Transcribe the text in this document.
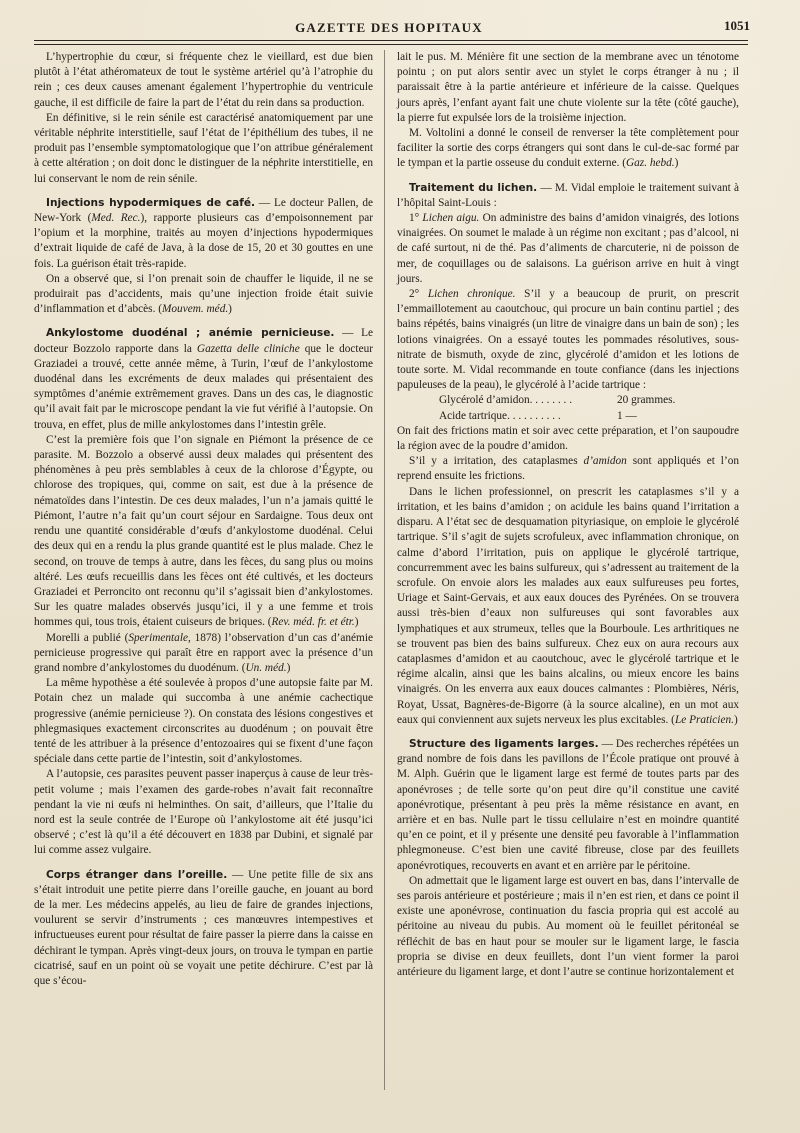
GAZETTE DES HOPITAUX	1051

L’hypertrophie du cœur, si fréquente chez le vieillard, est due bien plutôt à l’état athéromateux de tout le système artériel qu’à l’atrophie du rein ; ces deux causes amenant également l’hypertrophie du ventricule gauche, il est difficile de faire la part de l’état du rein dans sa production.

En définitive, si le rein sénile est caractérisé anatomiquement par une véritable néphrite interstitielle, sauf l’état de l’épithélium des tubes, il ne produit pas l’ensemble symptomatologique que l’on attribue généralement à cette altération ; on doit donc le distinguer de la néphrite interstitielle, en lui conservant le nom de rein sénile.

Injections hypodermiques de café. — Le docteur Pallen, de New-York (Med. Rec.), rapporte plusieurs cas d’empoisonnement par l’opium et la morphine, traités au moyen d’injections hypodermiques d’extrait liquide de café de Java, à la dose de 15, 20 et 30 gouttes en une fois. La guérison était très-rapide.

On a observé que, si l’on prenait soin de chauffer le liquide, il ne se produirait pas d’accidents, mais qu’une injection froide était suivie d’inflammation et d’abcès. (Mouvem. méd.)

Ankylostome duodénal ; anémie pernicieuse. — Le docteur Bozzolo rapporte dans la Gazetta delle cliniche que le docteur Graziadei a trouvé, cette année même, à Turin, l’œuf de l’ankylostome duodénal dans les excréments de deux malades qui présentaient des symptômes d’anémie extrêmement graves. Dans un des cas, le diagnostic qu’il avait fait par le microscope pendant la vie fut vérifié à l’autopsie. On trouva, en effet, plus de mille ankylostomes dans l’intestin grêle.

C’est la première fois que l’on signale en Piémont la présence de ce parasite. M. Bozzolo a observé aussi deux malades qui présentent des phénomènes à peu près semblables à ceux de la chlorose d’Égypte, ou chlorose des tropiques, qui, comme on sait, est due à la présence de nématoïdes dans l’intestin. De ces deux malades, l’un n’a jamais quitté le Piémont, l’autre n’a fait qu’un court séjour en Sardaigne. Tous deux ont rendu une quantité considérable d’œufs d’ankylostome duodénal. Celui des deux qui en a rendu la plus grande quantité est le plus malade. Chez le second, on trouve de temps à autre, dans les fèces, du sang plus ou moins altéré. Les œufs recueillis dans les fèces ont été cultivés, et les docteurs Graziadei et Perroncito ont reconnu qu’il s’agissait bien d’ankylostomes. Sur les quatre malades observés jusqu’ici, il y a une femme et trois hommes qui, tous trois, étaient cuiseurs de briques. (Rev. méd. fr. et étr.)

Morelli a publié (Sperimentale, 1878) l’observation d’un cas d’anémie pernicieuse progressive qui paraît être en rapport avec la présence d’un grand nombre d’ankylostomes du duodénum. (Un. méd.)

La même hypothèse a été soulevée à propos d’une autopsie faite par M. Potain chez un malade qui succomba à une anémie cachectique progressive (anémie pernicieuse ?). On constata des lésions congestives et phlegmasiques exactement circonscrites au duodénum ; on pouvait être tenté de les attribuer à la présence d’entozoaires qui se fixent d’une façon spéciale dans cette partie de l’intestin, soit d’ankylostomes.

A l’autopsie, ces parasites peuvent passer inaperçus à cause de leur très-petit volume ; mais l’examen des garde-robes n’avait fait reconnaître pendant la vie ni œufs ni helminthes. On sait, d’ailleurs, que l’Italie du nord est la seule contrée de l’Europe où l’ankylostome ait été jusqu’ici observé ; c’est là qu’il a été découvert en 1838 par Dubini, et signalé par lui comme assez vulgaire.

Corps étranger dans l’oreille. — Une petite fille de six ans s’était introduit une petite pierre dans l’oreille gauche, en jouant au bord de la mer. Les médecins appelés, au lieu de faire de grandes injections, voulurent se servir d’instruments ; ces manœuvres intempestives et infructueuses eurent pour résultat de faire passer la pierre dans la caisse en déchirant le tympan. Après vingt-deux jours, on trouva le tympan en partie cicatrisé, sauf en un point où se voyait une petite déchirure. C’est par là que s’écou-

lait le pus. M. Ménière fit une section de la membrane avec un ténotome pointu ; on put alors sentir avec un stylet le corps étranger à nu ; il paraissait être à la partie antérieure et inférieure de la caisse. Quelques jours après, l’enfant ayant fait une chute violente sur la tête (côté gauche), la pierre fut expulsée lors de la troisième injection.

M. Voltolini a donné le conseil de renverser la tête complètement pour faciliter la sortie des corps étrangers qui sont dans le cul-de-sac formé par le tympan et la partie osseuse du conduit externe. (Gaz. hebd.)

Traitement du lichen. — M. Vidal emploie le traitement suivant à l’hôpital Saint-Louis :

1° Lichen aigu. On administre des bains d’amidon vinaigrés, des lotions vinaigrées. On soumet le malade à un régime non excitant ; pas d’alcool, ni de café surtout, ni de thé. Pas d’aliments de charcuterie, ni de poisson de mer, de coquillages ou de salaisons. La guérison arrive en huit à vingt jours.

2° Lichen chronique. S’il y a beaucoup de prurit, on prescrit l’emmaillotement au caoutchouc, qui procure un bain continu partiel ; des bains répétés, bains vinaigrés (un litre de vinaigre dans un bain de son) ; les lotions vinaigrées. On a essayé toutes les pommades résolutives, sous-nitrate de bismuth, oxyde de zinc, glycérolé d’amidon et les lotions de toute sorte. M. Vidal recommande en toute confiance (dans les injections papuleuses de la peau), le glycérolé à l’acide tartrique :

Glycérolé d’amidon. . . . . . . .	20 grammes.
Acide tartrique. . . . . . . . . .	1 —

On fait des frictions matin et soir avec cette préparation, et l’on saupoudre la région avec de la poudre d’amidon.

S’il y a irritation, des cataplasmes d’amidon sont appliqués et l’on reprend ensuite les frictions.

Dans le lichen professionnel, on prescrit les cataplasmes s’il y a irritation, et les bains d’amidon ; on acidule les bains quand l’irritation a disparu. A l’état sec de desquamation pityriasique, on emploie le glycérolé tartrique. S’il s’agit de sujets scrofuleux, avec inflammation chronique, on calme d’abord l’irritation, puis on applique le glycérolé tartrique, concurremment avec les bains sulfureux, qui s’adressent au traitement de la scrofule. On envoie alors les malades aux eaux sulfureuses peu fortes, Uriage et Saint-Gervais, et aux eaux douces des Pyrénées. On se trouvera aussi très-bien d’eaux non sulfureuses qui sont favorables aux lymphatiques et aux strumeux, telles que la Bourboule. Les arthritiques ne se trouvent pas bien des bains sulfureux. Chez eux on aura recours aux cataplasmes d’amidon et au caoutchouc, avec le glycérolé tartrique et le régime alcalin, ainsi que les bains alcalins, ou mieux encore les bains vinaigrés. On les enverra aux eaux douces calmantes : Plombières, Néris, Royat, Ussat, Bagnères-de-Bigorre (à la source alcaline), en un mot aux eaux qui conviennent aux sujets nerveux les plus excitables. (Le Praticien.)

Structure des ligaments larges. — Des recherches répétées un grand nombre de fois dans les pavillons de l’École pratique ont prouvé à M. Alph. Guérin que le ligament large est fermé de toutes parts par des aponévroses ; de telle sorte qu’on peut dire qu’il constitue une cavité aponévrotique, présentant à peu près la même résistance en avant, en arrière et en bas. Nulle part le tissu cellulaire n’est en moindre quantité qu’en ce point, et il y présente une densité peu favorable à l’inflammation phlegmoneuse. C’est bien une cavité fibreuse, close par des feuillets aponévrotiques, recouverts en avant et en arrière par le péritoine.

On admettait que le ligament large est ouvert en bas, dans l’intervalle de ses parois antérieure et postérieure ; mais il n’en est rien, et dans ce point il existe une aponévrose, continuation du fascia propria qui est accolé au péritoine au niveau du pubis. Au moment où le feuillet péritonéal se réfléchit de bas en haut pour se mouler sur le ligament large, le fascia propria se divise en deux feuillets, dont l’un vient former la paroi antérieure du ligament large, et dont l’autre se continue horizontalement et
